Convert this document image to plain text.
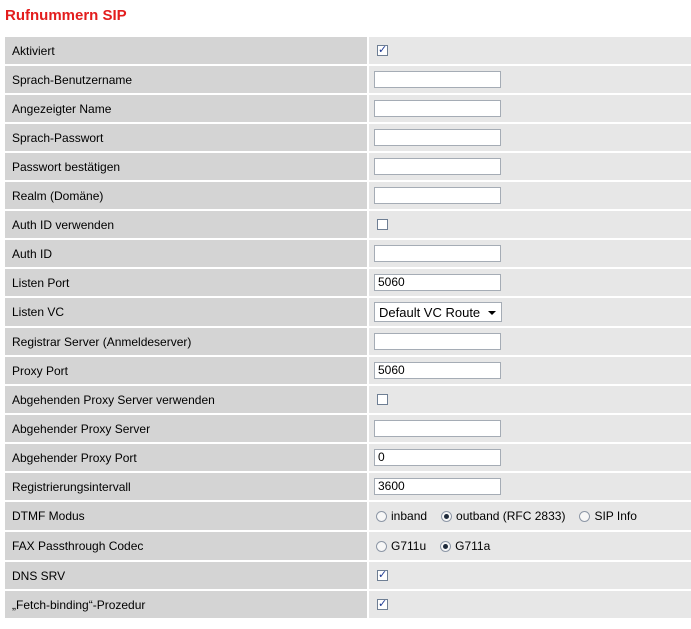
Rufnummern SIP
Aktiviert	✓
Sprach-Benutzername
Angezeigter Name
Sprach-Passwort
Passwort bestätigen
Realm (Domäne)
Auth ID verwenden
Auth ID
Listen Port	5060
Listen VC	Default VC Route
Registrar Server (Anmeldeserver)
Proxy Port	5060
Abgehenden Proxy Server verwenden
Abgehender Proxy Server
Abgehender Proxy Port	0
Registrierungsintervall	3600
DTMF Modus	inband outband (RFC 2833) SIP Info
FAX Passthrough Codec	G711u G711a
DNS SRV	✓
„Fetch-binding“-Prozedur	✓
